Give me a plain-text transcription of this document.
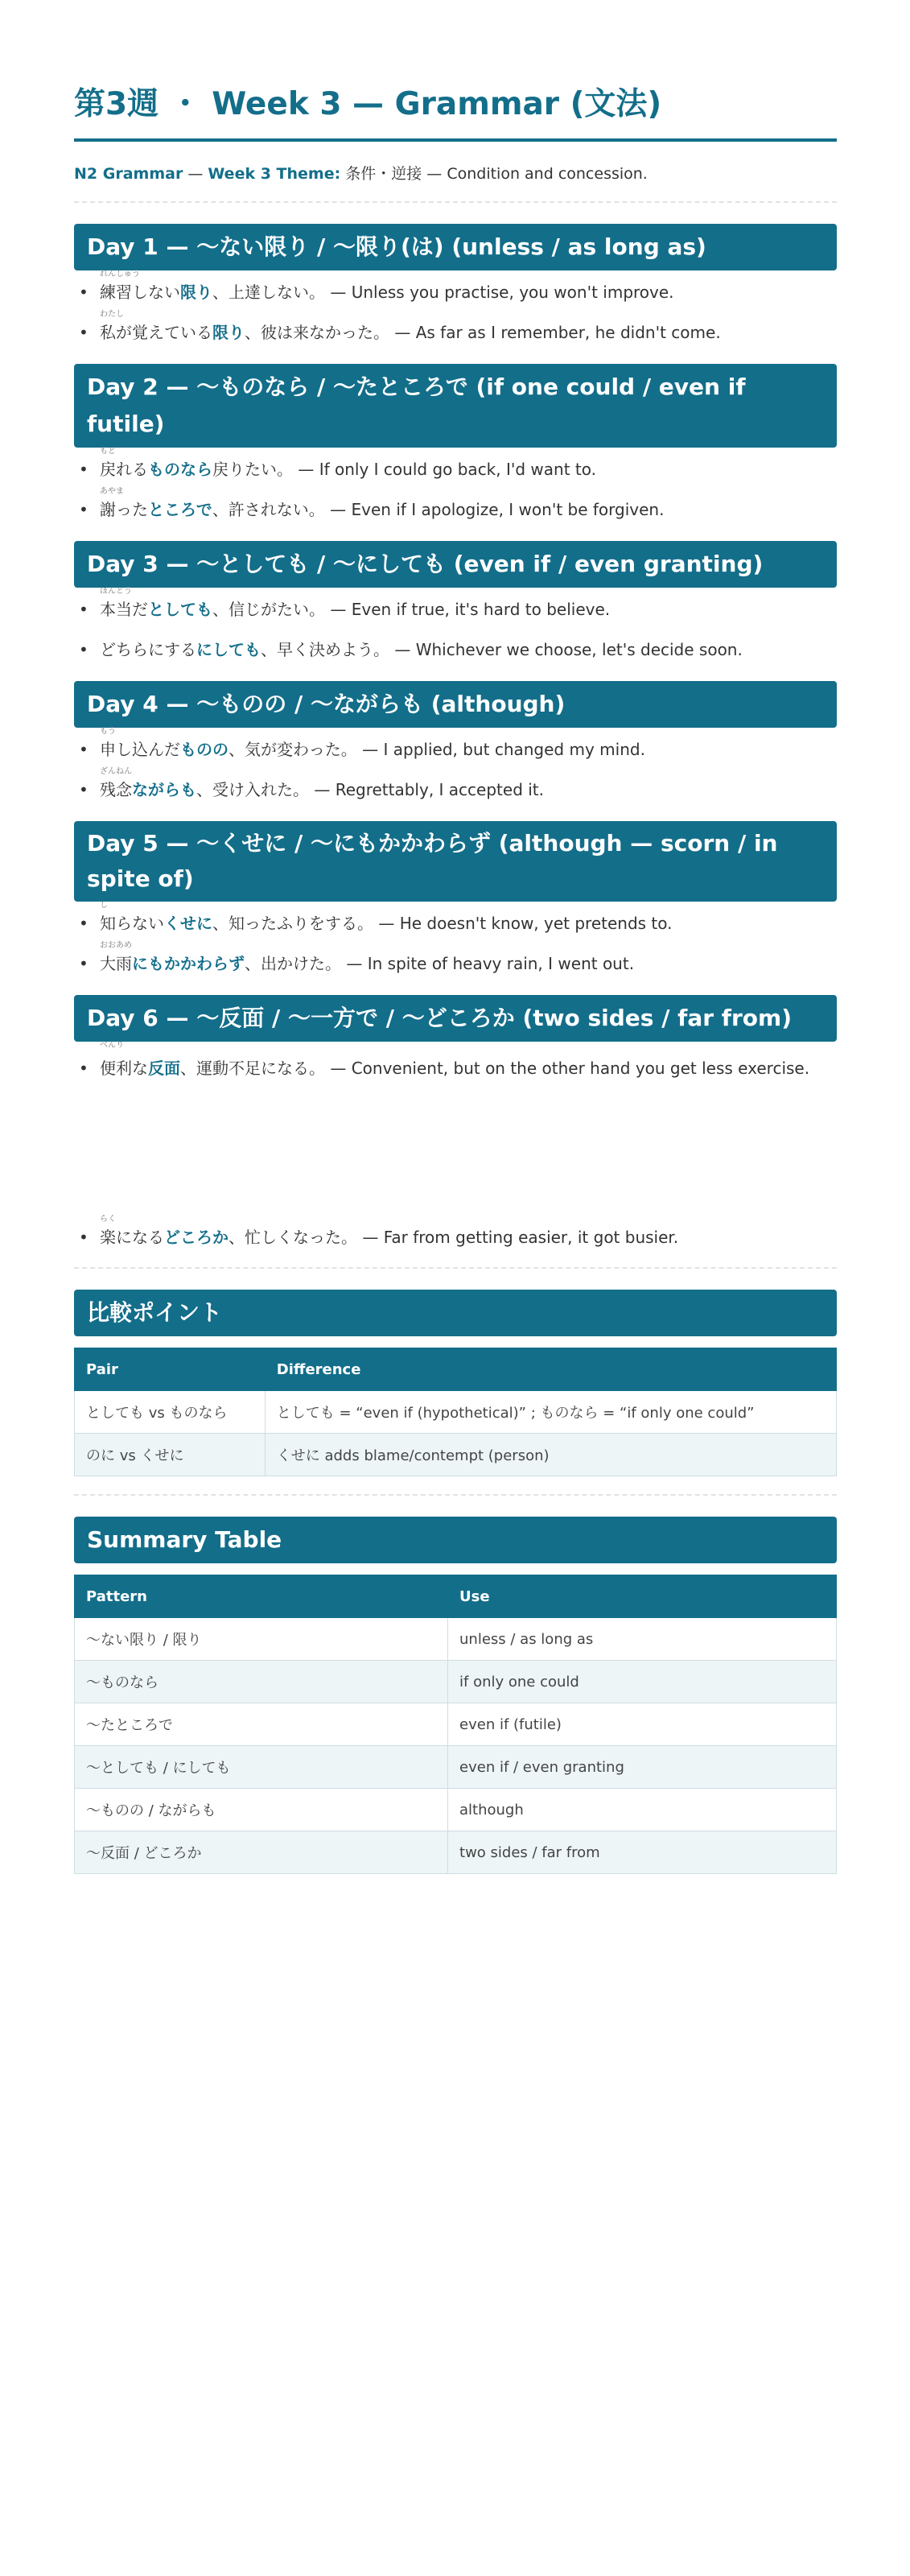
第3週 ・ Week 3 — Grammar (文法)
N2 Grammar — Week 3 Theme: 条件・逆接 — Condition and concession.
Day 1 — 〜ない限り / 〜限り(は) (unless / as long as)
• れんしゅう
練習しない限り、上達しない。 — Unless you practise, you won't improve.
• わたし
私が覚えている限り、彼は来なかった。 — As far as I remember, he didn't come.
Day 2 — 〜ものなら / 〜たところで (if one could / even if futile)
• もど
戻れるものなら戻りたい。 — If only I could go back, I'd want to.
• あやま
謝ったところで、許されない。 — Even if I apologize, I won't be forgiven.
Day 3 — 〜としても / 〜にしても (even if / even granting)
• ほんとう
本当だとしても、信じがたい。 — Even if true, it's hard to believe.
•
どちらにするにしても、早く決めよう。 — Whichever we choose, let's decide soon.
Day 4 — 〜ものの / 〜ながらも (although)
• もう
申し込んだものの、気が変わった。 — I applied, but changed my mind.
• ざんねん
残念ながらも、受け入れた。 — Regrettably, I accepted it.
Day 5 — 〜くせに / 〜にもかかわらず (although — scorn / in spite of)
• し
知らないくせに、知ったふりをする。 — He doesn't know, yet pretends to.
• おおあめ
大雨にもかかわらず、出かけた。 — In spite of heavy rain, I went out.
Day 6 — 〜反面 / 〜一方で / 〜どころか (two sides / far from)
• べんり
便利な反面、運動不足になる。 — Convenient, but on the other hand you get less exercise.
• らく
楽になるどころか、忙しくなった。 — Far from getting easier, it got busier.
比較ポイント
Pair	Difference
としても vs ものなら	としても = “even if (hypothetical)” ; ものなら = “if only one could”
のに vs くせに	くせに adds blame/contempt (person)
Summary Table
Pattern	Use
〜ない限り / 限り	unless / as long as
〜ものなら	if only one could
〜たところで	even if (futile)
〜としても / にしても	even if / even granting
〜ものの / ながらも	although
〜反面 / どころか	two sides / far from
